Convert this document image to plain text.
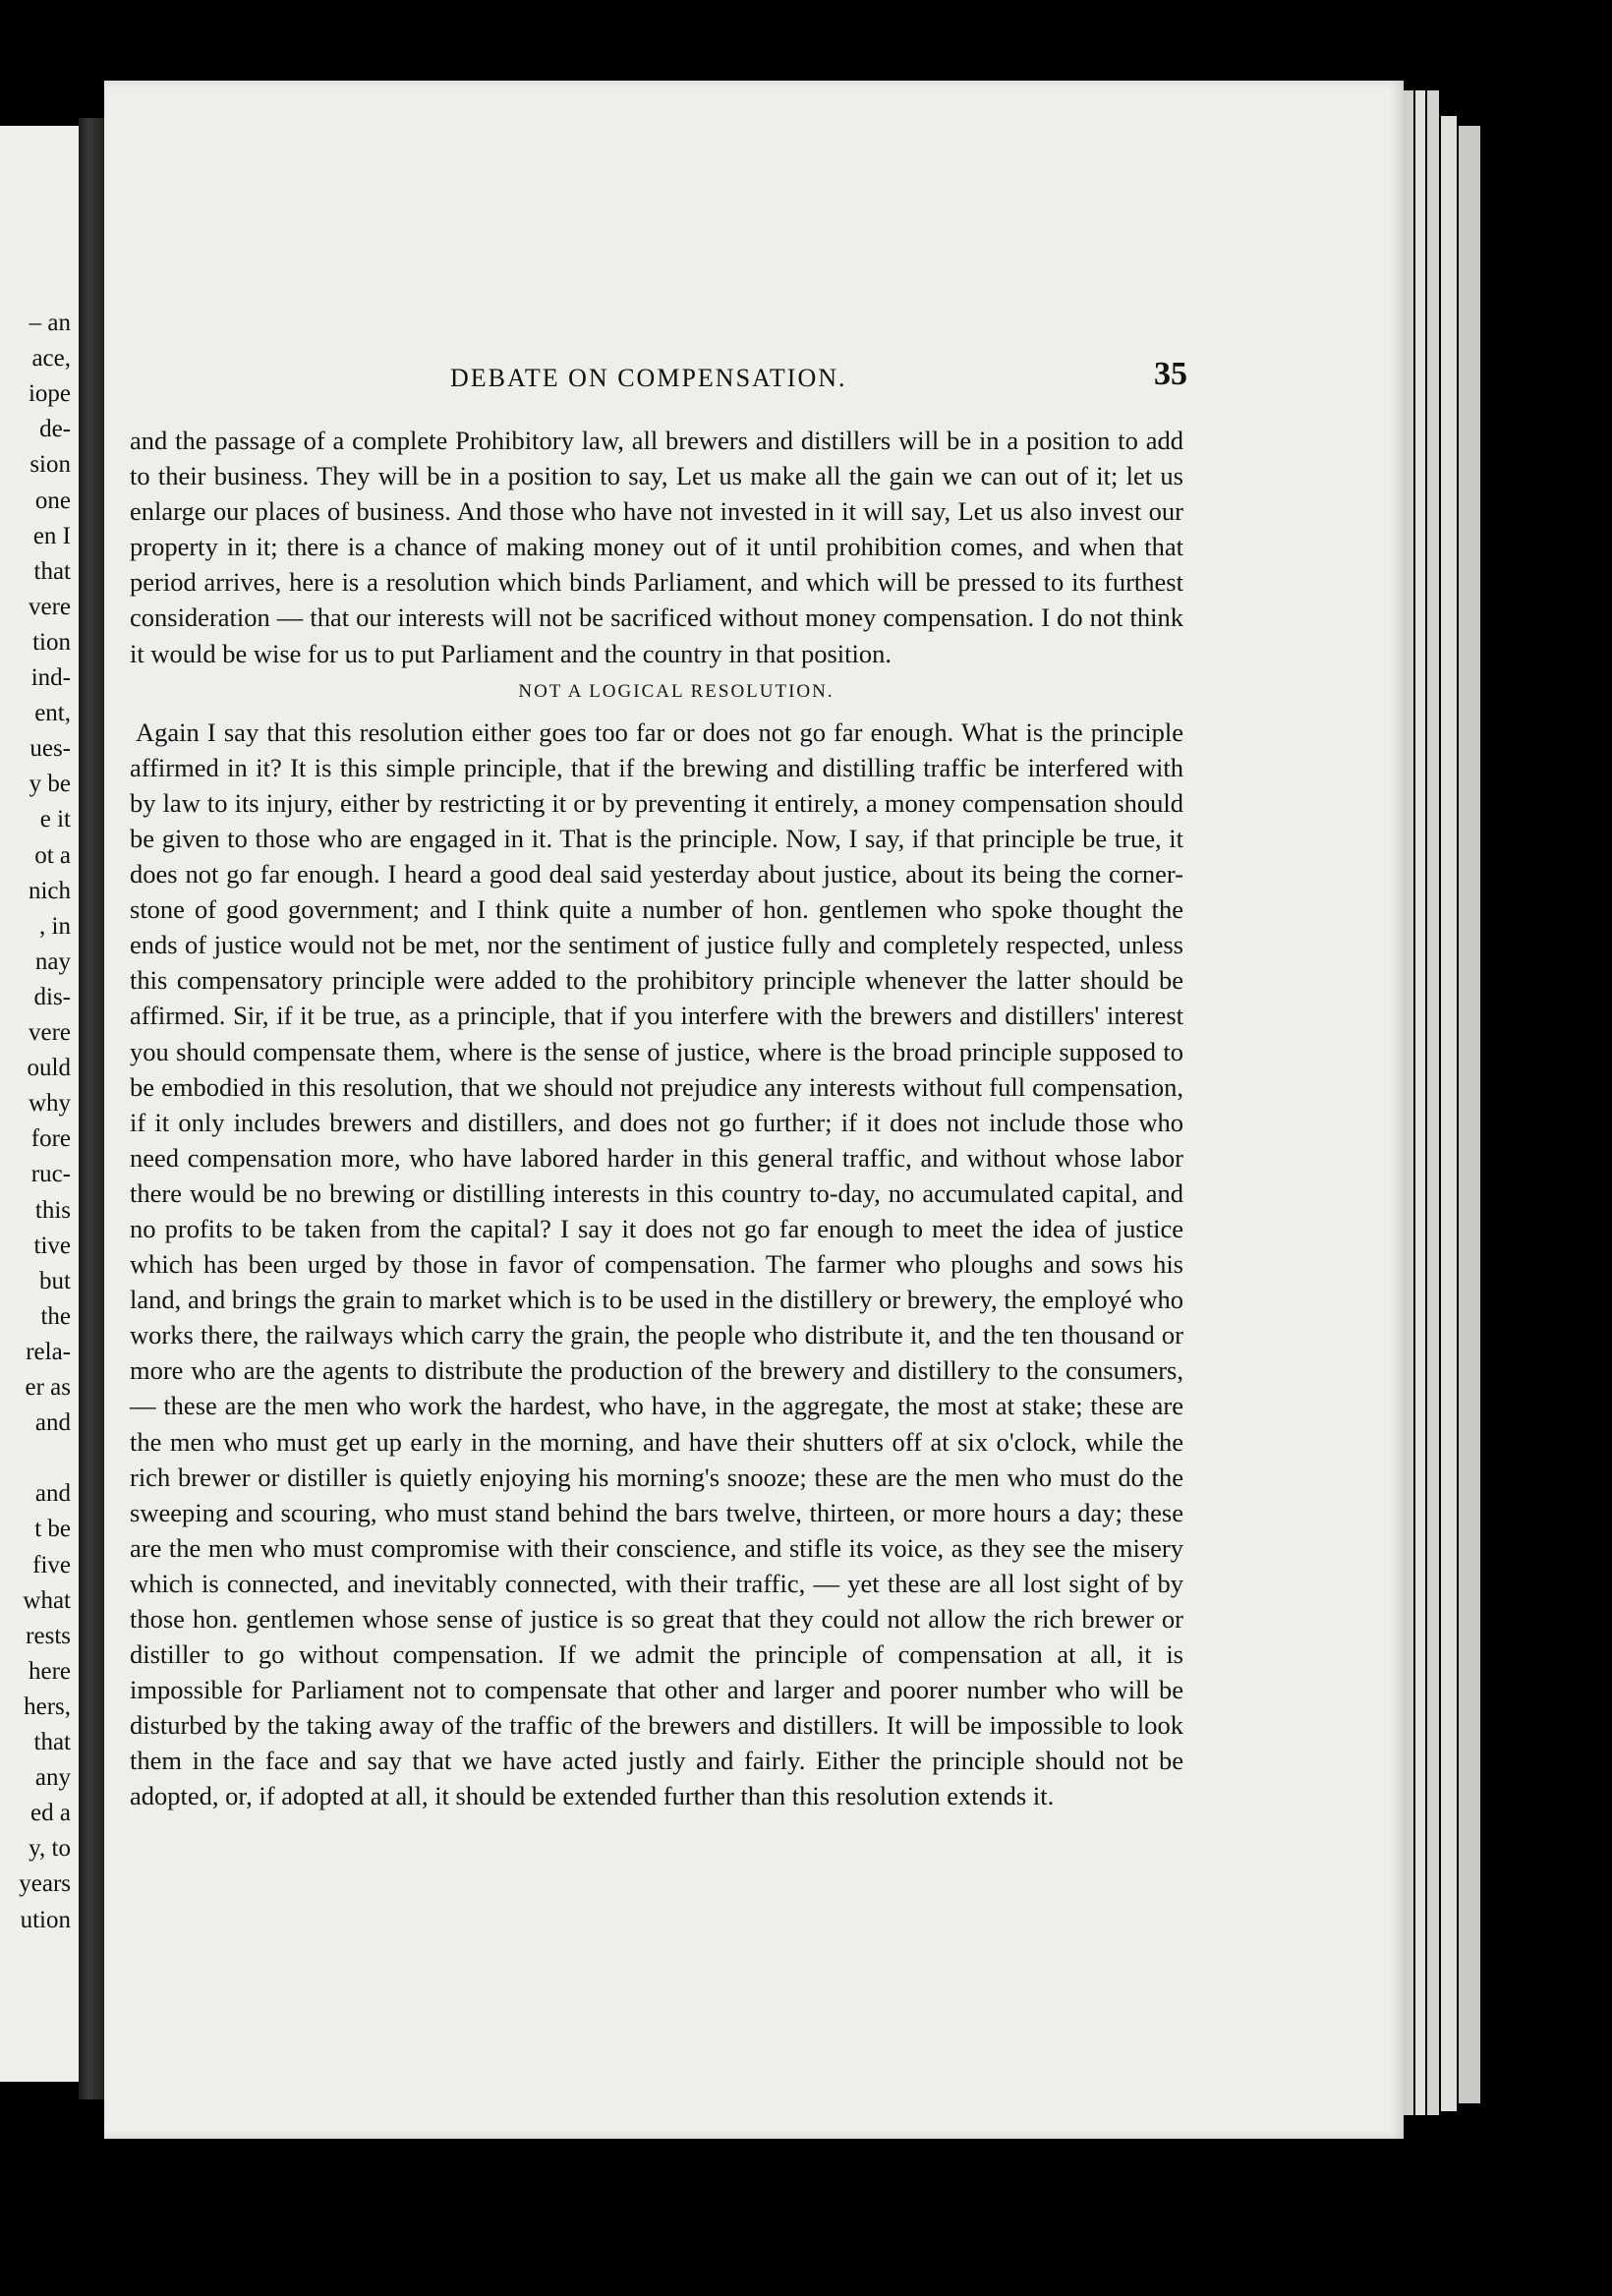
– an
ace,
iope
de-
sion
one
en I
that
vere
tion
ind-
ent,
ues-
y be
e it
ot a
nich
, in
nay
dis-
vere
ould
why
fore
ruc-
this
tive
but
the
rela-
er as
and
and
t be
five
what
rests
here
hers,
that
any
ed a
y, to
years
ution
DEBATE ON COMPENSATION.	35

and the passage of a complete Prohibitory law, all brewers and distillers will be in a position to add to their business. They will be in a position to say, Let us make all the gain we can out of it; let us enlarge our places of business. And those who have not invested in it will say, Let us also invest our property in it; there is a chance of making money out of it until prohibition comes, and when that period arrives, here is a resolution which binds Parliament, and which will be pressed to its furthest consideration — that our interests will not be sacrificed without money compensation. I do not think it would be wise for us to put Parliament and the country in that position.

NOT A LOGICAL RESOLUTION.

Again I say that this resolution either goes too far or does not go far enough. What is the principle affirmed in it? It is this simple principle, that if the brewing and distilling traffic be interfered with by law to its injury, either by restricting it or by preventing it entirely, a money compensation should be given to those who are engaged in it. That is the principle. Now, I say, if that principle be true, it does not go far enough. I heard a good deal said yesterday about justice, about its being the corner-stone of good government; and I think quite a number of hon. gentlemen who spoke thought the ends of justice would not be met, nor the sentiment of justice fully and completely respected, unless this compensatory principle were added to the prohibitory principle whenever the latter should be affirmed. Sir, if it be true, as a principle, that if you interfere with the brewers and distillers' interest you should compensate them, where is the sense of justice, where is the broad principle supposed to be embodied in this resolution, that we should not prejudice any interests without full compensation, if it only includes brewers and distillers, and does not go further; if it does not include those who need compensation more, who have labored harder in this general traffic, and without whose labor there would be no brewing or distilling interests in this country to-day, no accumulated capital, and no profits to be taken from the capital? I say it does not go far enough to meet the idea of justice which has been urged by those in favor of compensation. The farmer who ploughs and sows his land, and brings the grain to market which is to be used in the distillery or brewery, the employé who works there, the railways which carry the grain, the people who distribute it, and the ten thousand or more who are the agents to distribute the production of the brewery and distillery to the consumers, — these are the men who work the hardest, who have, in the aggregate, the most at stake; these are the men who must get up early in the morning, and have their shutters off at six o'clock, while the rich brewer or distiller is quietly enjoying his morning's snooze; these are the men who must do the sweeping and scouring, who must stand behind the bars twelve, thirteen, or more hours a day; these are the men who must compromise with their conscience, and stifle its voice, as they see the misery which is connected, and inevitably connected, with their traffic, — yet these are all lost sight of by those hon. gentlemen whose sense of justice is so great that they could not allow the rich brewer or distiller to go without compensation. If we admit the principle of compensation at all, it is impossible for Parliament not to compensate that other and larger and poorer number who will be disturbed by the taking away of the traffic of the brewers and distillers. It will be impossible to look them in the face and say that we have acted justly and fairly. Either the principle should not be adopted, or, if adopted at all, it should be extended further than this resolution extends it.
